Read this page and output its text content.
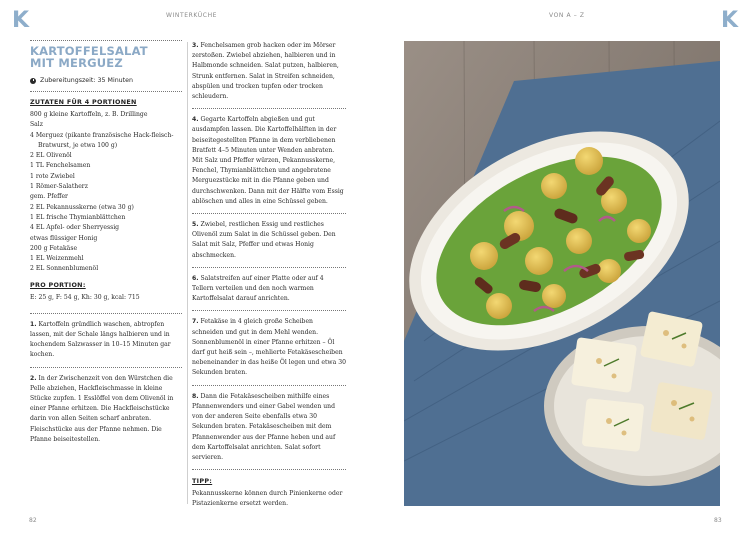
K	K
WINTERKÜCHE	VON A – Z
KARTOFFELSALAT
MIT MERGUEZ
Zubereitungszeit: 35 Minuten
ZUTATEN FÜR 4 PORTIONEN
800 g kleine Kartoffeln, z. B. Drillinge
Salz
4 Merguez (pikante französische Hack-fleisch-Bratwurst, je etwa 100 g)
2 EL Olivenöl
1 TL Fenchelsamen
1 rote Zwiebel
1 Römer-Salatherz
gem. Pfeffer
2 EL Pekannusskerne (etwa 30 g)
1 EL frische Thymianblättchen
4 EL Apfel- oder Sherryessig
etwas flüssiger Honig
200 g Fetakäse
1 EL Weizenmehl
2 EL Sonnenblumenöl
PRO PORTION:
E: 25 g, F: 54 g, Kh: 30 g, kcal: 715
1. Kartoffeln gründlich waschen, abtropfen lassen, mit der Schale längs halbieren und in kochendem Salzwasser in 10–15 Minuten gar kochen.
2. In der Zwischenzeit von den Würstchen die Pelle abziehen, Hackfleischmasse in kleine Stücke zupfen. 1 Esslöffel von dem Olivenöl in einer Pfanne erhitzen. Die Hackfleischstücke darin von allen Seiten scharf anbraten. Fleischstücke aus der Pfanne nehmen. Die Pfanne beiseitestellen.
3. Fenchelsamen grob hacken oder im Mörser zerstoßen. Zwiebel abziehen, halbieren und in Halbmonde schneiden. Salat putzen, halbieren, Strunk entfernen. Salat in Streifen schneiden, abspülen und trocken tupfen oder trocken schleudern.
4. Gegarte Kartoffeln abgießen und gut ausdampfen lassen. Die Kartoffelhälften in der beiseitegestellten Pfanne in dem verbliebenen Bratfett 4–5 Minuten unter Wenden anbraten. Mit Salz und Pfeffer würzen, Pekannusskerne, Fenchel, Thymianblättchen und angebratene Merguezstücke mit in die Pfanne geben und durchschwenken. Dann mit der Hälfte vom Essig ablöschen und alles in eine Schüssel geben.
5. Zwiebel, restlichen Essig und restliches Olivenöl zum Salat in die Schüssel geben. Den Salat mit Salz, Pfeffer und etwas Honig abschmecken.
6. Salatstreifen auf einer Platte oder auf 4 Tellern verteilen und den noch warmen Kartoffelsalat darauf anrichten.
7. Fetakäse in 4 gleich große Scheiben schneiden und gut in dem Mehl wenden. Sonnenblumenöl in einer Pfanne erhitzen – Öl darf gut heiß sein –, mehlierte Fetakäsescheiben nebeneinander in das heiße Öl legen und etwa 30 Sekunden braten.
8. Dann die Fetakäsescheiben mithilfe eines Pfannenwenders und einer Gabel wenden und von der anderen Seite ebenfalls etwa 30 Sekunden braten. Fetakäsescheiben mit dem Pfannenwender aus der Pfanne heben und auf dem Kartoffelsalat anrichten. Salat sofort servieren.
TIPP:
Pekannusskerne können durch Pinienkerne oder Pistazienkerne ersetzt werden.
82	83
